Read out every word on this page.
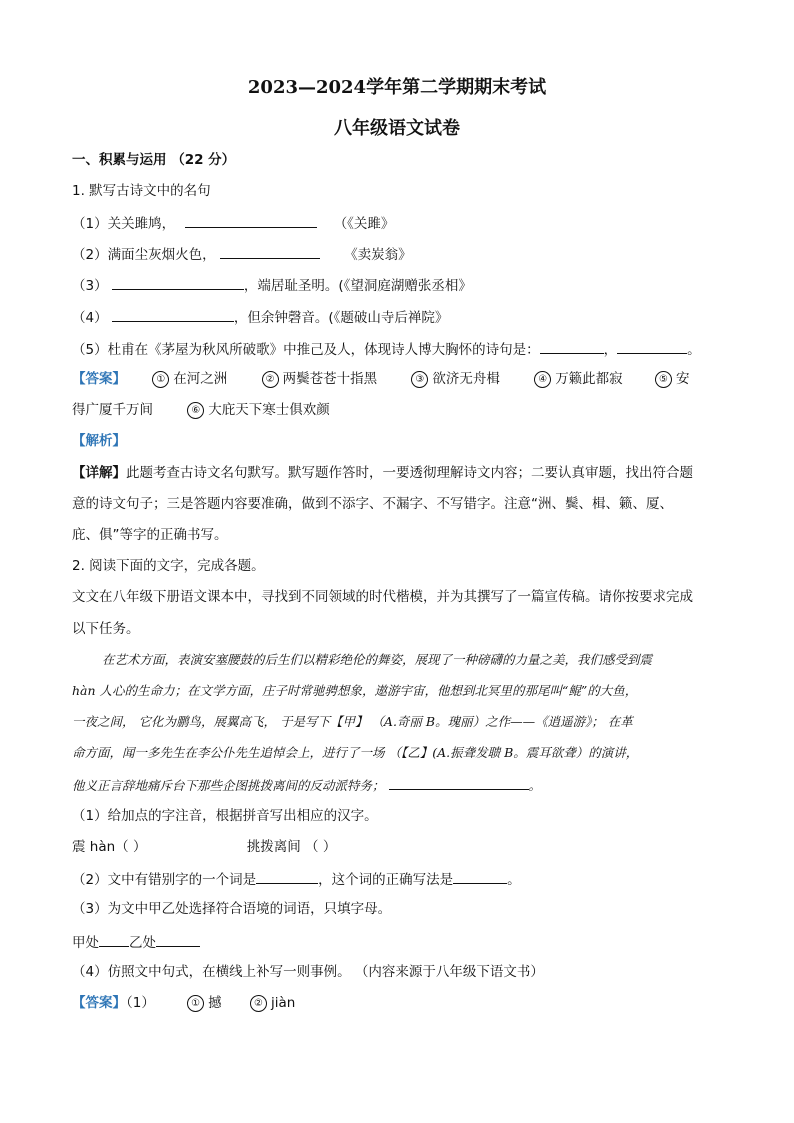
2023—2024学年第二学期期末考试
八年级语文试卷
一、积累与运用 （22 分）
1. 默写古诗文中的名句
（1）关关雎鸠，	（《关雎》
（2）满面尘灰烟火色，	《卖炭翁》
（3）	，端居耻圣明。(《望洞庭湖赠张丞相》
（4）	，但余钟磬音。(《题破山寺后禅院》
（5）杜甫在《茅屋为秋风所破歌》中推己及人，体现诗人博大胸怀的诗句是：	，	。
【答案】	① 在河之洲	② 两鬓苍苍十指黑	③ 欲济无舟楫	④ 万籁此都寂	⑤ 安
得广厦千万间	⑥ 大庇天下寒士俱欢颜
【解析】
【详解】此题考查古诗文名句默写。默写题作答时，一要透彻理解诗文内容；二要认真审题，找出符合题
意的诗文句子；三是答题内容要准确，做到不添字、不漏字、不写错字。注意“洲、鬓、楫、籁、厦、
庇、俱”等字的正确书写。
2. 阅读下面的文字，完成各题。
文文在八年级下册语文课本中，寻找到不同领域的时代楷模，并为其撰写了一篇宣传稿。请你按要求完成
以下任务。
在艺术方面，表演安塞腰鼓的后生们以精彩绝伦的舞姿，展现了一种磅礴的力量之美，我们感受到震
hàn 人心的生命力；在文学方面，庄子时常驰骋想象，遨游宇宙，他想到北冥里的那尾叫“鲲”的大鱼，
一夜之间， 它化为鹏鸟，展翼高飞， 于是写下【甲】 （A.奇丽 B。瑰丽）之作——《逍遥游》； 在革
命方面，闻一多先生在李公仆先生追悼会上，进行了一场 （【乙】(A.振聋发聩 B。震耳欲聋）的演讲，
他义正言辞地痛斥台下那些企图挑拨离间的反动派特务；	。
（1）给加点的字注音，根据拼音写出相应的汉字。
震 hàn（ ）	挑拨离间 （ ）
（2）文中有错别字的一个词是	，这个词的正确写法是	。
（3）为文中甲乙处选择符合语境的词语，只填字母。
甲处 乙处
（4）仿照文中句式，在横线上补写一则事例。 （内容来源于八年级下语文书）
【答案】（1）	① 撼	② jiàn
